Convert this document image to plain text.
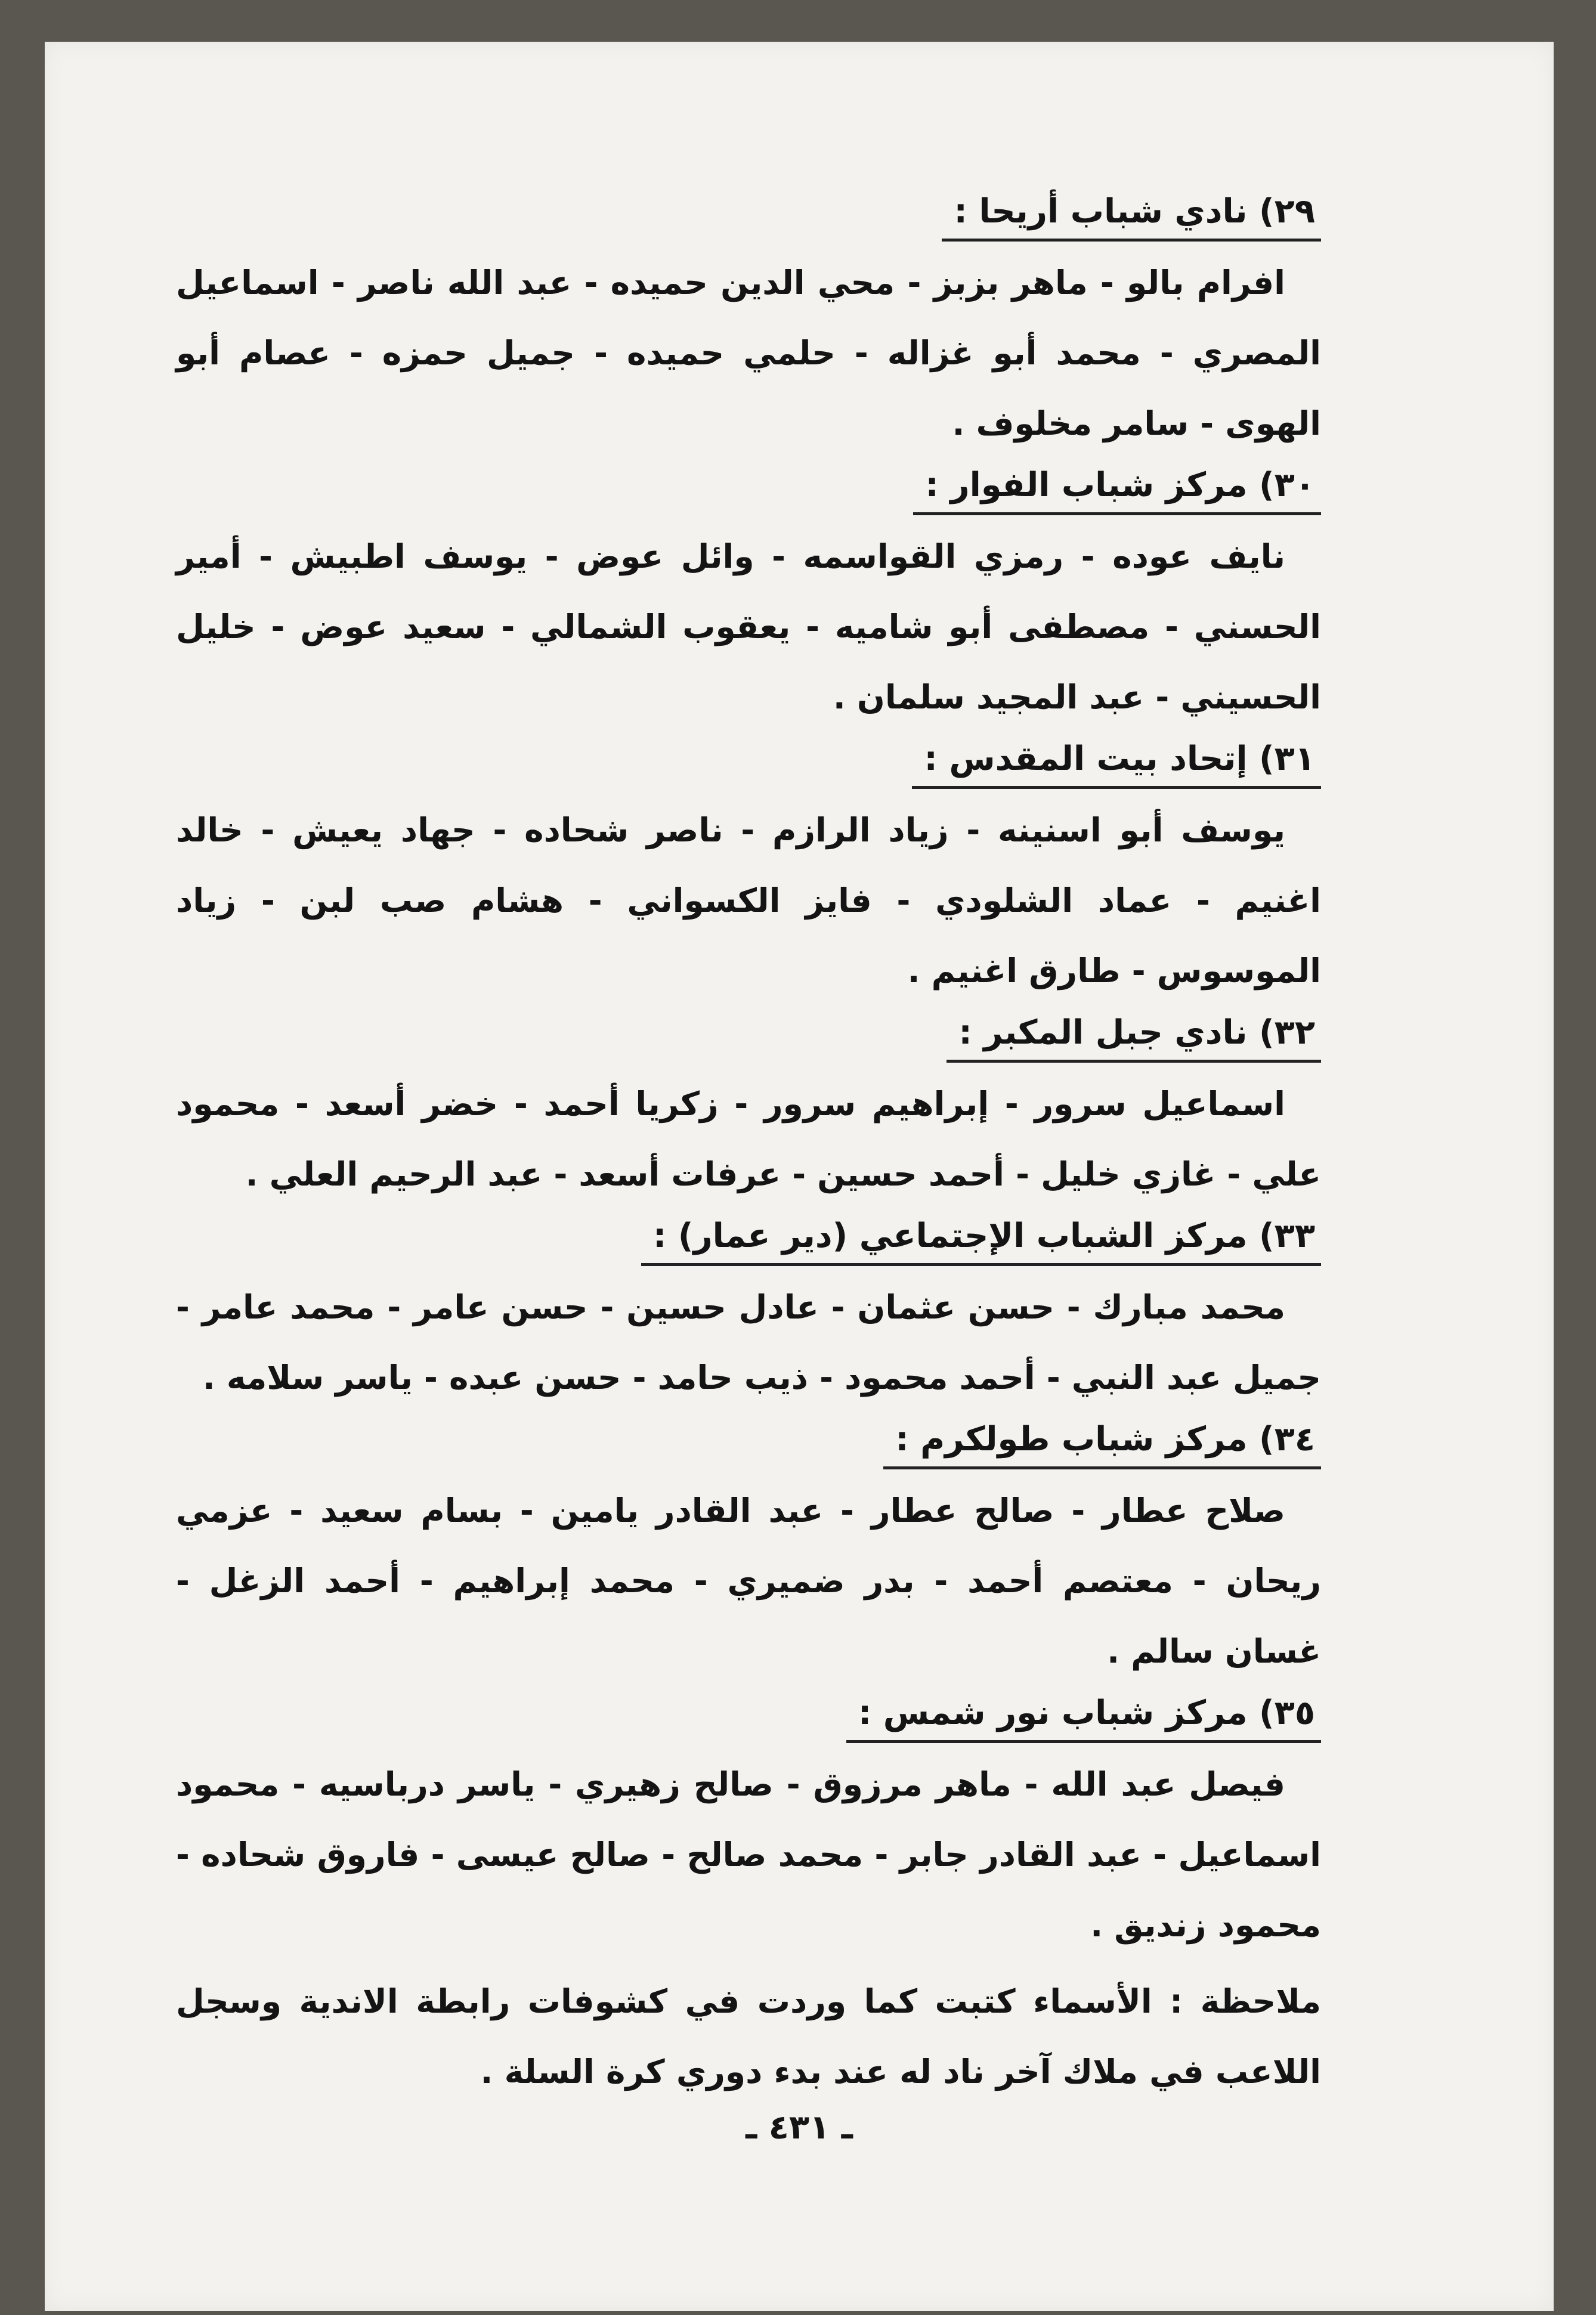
٢٩) نادي شباب أريحا :

افرام بالو - ماهر بزبز - محي الدين حميده - عبد الله ناصر - اسماعيل المصري - محمد أبو غزاله - حلمي حميده - جميل حمزه - عصام أبو الهوى - سامر مخلوف .

٣٠) مركز شباب الفوار :

نايف عوده - رمزي القواسمه - وائل عوض - يوسف اطبيش - أمير الحسني - مصطفى أبو شاميه - يعقوب الشمالي - سعيد عوض - خليل الحسيني - عبد المجيد سلمان .

٣١) إتحاد بيت المقدس :

يوسف أبو اسنينه - زياد الرازم - ناصر شحاده - جهاد يعيش - خالد اغنيم - عماد الشلودي - فايز الكسواني - هشام صب لبن - زياد الموسوس - طارق اغنيم .

٣٢) نادي جبل المكبر :

اسماعيل سرور - إبراهيم سرور - زكريا أحمد - خضر أسعد - محمود علي - غازي خليل - أحمد حسين - عرفات أسعد - عبد الرحيم العلي .

٣٣) مركز الشباب الإجتماعي (دير عمار) :

محمد مبارك - حسن عثمان - عادل حسين - حسن عامر - محمد عامر - جميل عبد النبي - أحمد محمود - ذيب حامد - حسن عبده - ياسر سلامه .

٣٤) مركز شباب طولكرم :

صلاح عطار - صالح عطار - عبد القادر يامين - بسام سعيد - عزمي ريحان - معتصم أحمد - بدر ضميري - محمد إبراهيم - أحمد الزغل - غسان سالم .

٣٥) مركز شباب نور شمس :

فيصل عبد الله - ماهر مرزوق - صالح زهيري - ياسر درباسيه - محمود اسماعيل - عبد القادر جابر - محمد صالح - صالح عيسى - فاروق شحاده - محمود زنديق .

ملاحظة : الأسماء كتبت كما وردت في كشوفات رابطة الاندية وسجل اللاعب في ملاك آخر ناد له عند بدء دوري كرة السلة .

ـ ٤٣١ ـ
